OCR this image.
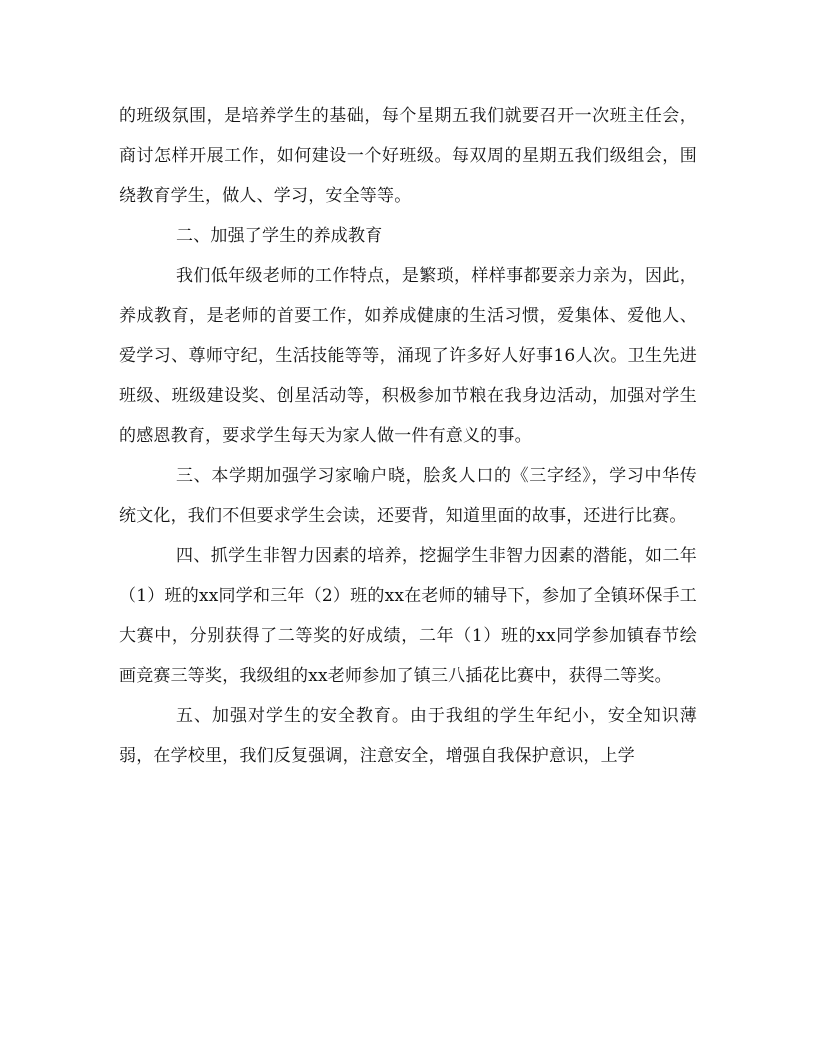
的班级氛围，是培养学生的基础，每个星期五我们就要召开一次班主任会，商讨怎样开展工作，如何建设一个好班级。每双周的星期五我们级组会，围绕教育学生，做人、学习，安全等等。

二、加强了学生的养成教育

我们低年级老师的工作特点，是繁琐，样样事都要亲力亲为，因此，养成教育，是老师的首要工作，如养成健康的生活习惯，爱集体、爱他人、爱学习、尊师守纪，生活技能等等，涌现了许多好人好事16人次。卫生先进班级、班级建设奖、创星活动等，积极参加节粮在我身边活动，加强对学生的感恩教育，要求学生每天为家人做一件有意义的事。

三、本学期加强学习家喻户晓，脍炙人口的《三字经》，学习中华传统文化，我们不但要求学生会读，还要背，知道里面的故事，还进行比赛。

四、抓学生非智力因素的培养，挖掘学生非智力因素的潜能，如二年（1）班的xx同学和三年（2）班的xx在老师的辅导下，参加了全镇环保手工大赛中，分别获得了二等奖的好成绩，二年（1）班的xx同学参加镇春节绘画竞赛三等奖，我级组的xx老师参加了镇三八插花比赛中，获得二等奖。

五、加强对学生的安全教育。由于我组的学生年纪小，安全知识薄弱，在学校里，我们反复强调，注意安全，增强自我保护意识，上学
